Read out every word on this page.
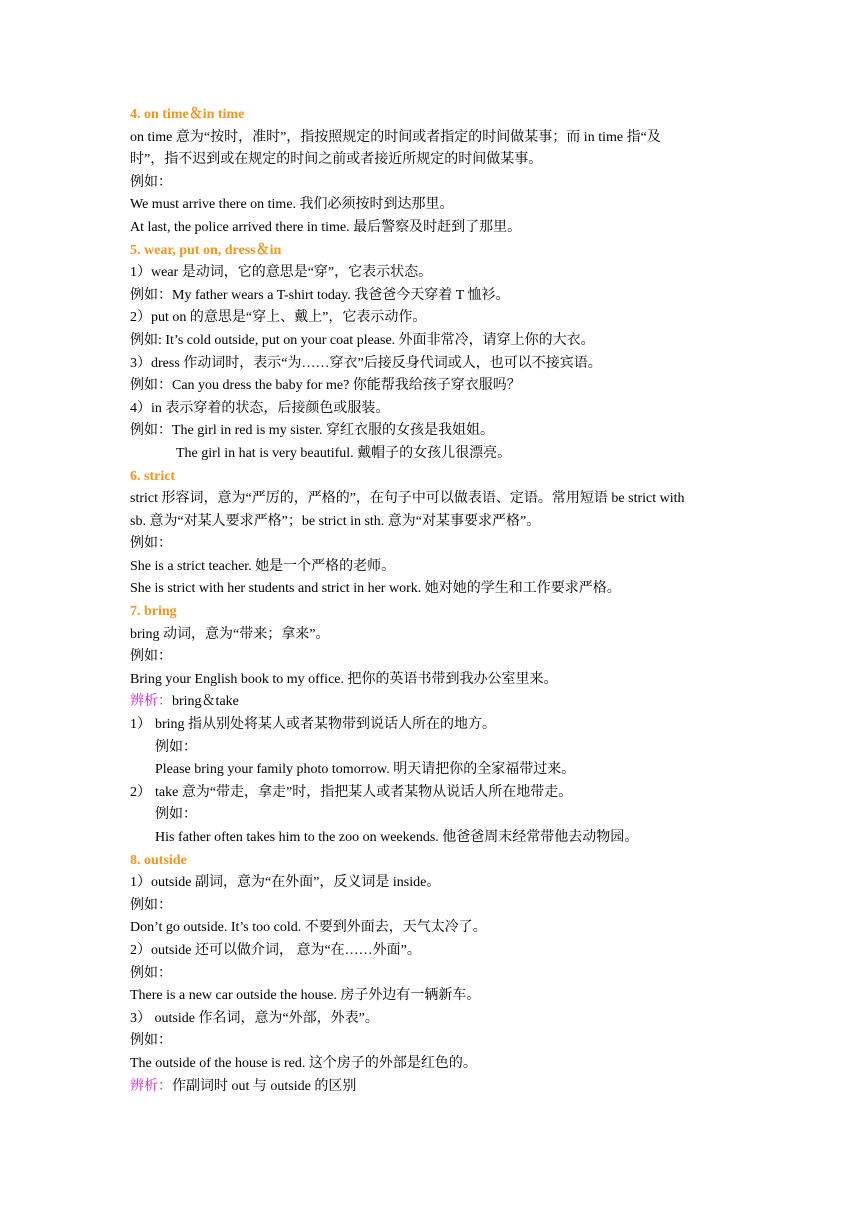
4. on time＆in time
on time 意为“按时，准时”，指按照规定的时间或者指定的时间做某事；而 in time 指“及
时”，指不迟到或在规定的时间之前或者接近所规定的时间做某事。
例如：
We must arrive there on time. 我们必须按时到达那里。
At last, the police arrived there in time. 最后警察及时赶到了那里。
5. wear, put on, dress＆in
1）wear 是动词，它的意思是“穿”，它表示状态。
例如：My father wears a T-shirt today. 我爸爸今天穿着 T 恤衫。
2）put on 的意思是“穿上、戴上”，它表示动作。
例如: It’s cold outside, put on your coat please. 外面非常冷，请穿上你的大衣。
3）dress 作动词时，表示“为……穿衣”后接反身代词或人，也可以不接宾语。
例如：Can you dress the baby for me? 你能帮我给孩子穿衣服吗？
4）in 表示穿着的状态，后接颜色或服装。
例如：The girl in red is my sister. 穿红衣服的女孩是我姐姐。
The girl in hat is very beautiful. 戴帽子的女孩儿很漂亮。
6. strict
strict 形容词，意为“严厉的，严格的”，在句子中可以做表语、定语。常用短语 be strict with
sb. 意为“对某人要求严格”；be strict in sth. 意为“对某事要求严格”。
例如：
She is a strict teacher. 她是一个严格的老师。
She is strict with her students and strict in her work. 她对她的学生和工作要求严格。
7. bring
bring 动词，意为“带来；拿来”。
例如：
Bring your English book to my office. 把你的英语书带到我办公室里来。
辨析：bring＆take
1） bring 指从别处将某人或者某物带到说话人所在的地方。
例如：
Please bring your family photo tomorrow. 明天请把你的全家福带过来。
2） take 意为“带走，拿走”时，指把某人或者某物从说话人所在地带走。
例如：
His father often takes him to the zoo on weekends. 他爸爸周末经常带他去动物园。
8. outside
1）outside 副词，意为“在外面”，反义词是 inside。
例如：
Don’t go outside. It’s too cold. 不要到外面去，天气太冷了。
2）outside 还可以做介词， 意为“在……外面”。
例如：
There is a new car outside the house. 房子外边有一辆新车。
3） outside 作名词，意为“外部，外表”。
例如：
The outside of the house is red. 这个房子的外部是红色的。
辨析：作副词时 out 与 outside 的区别
